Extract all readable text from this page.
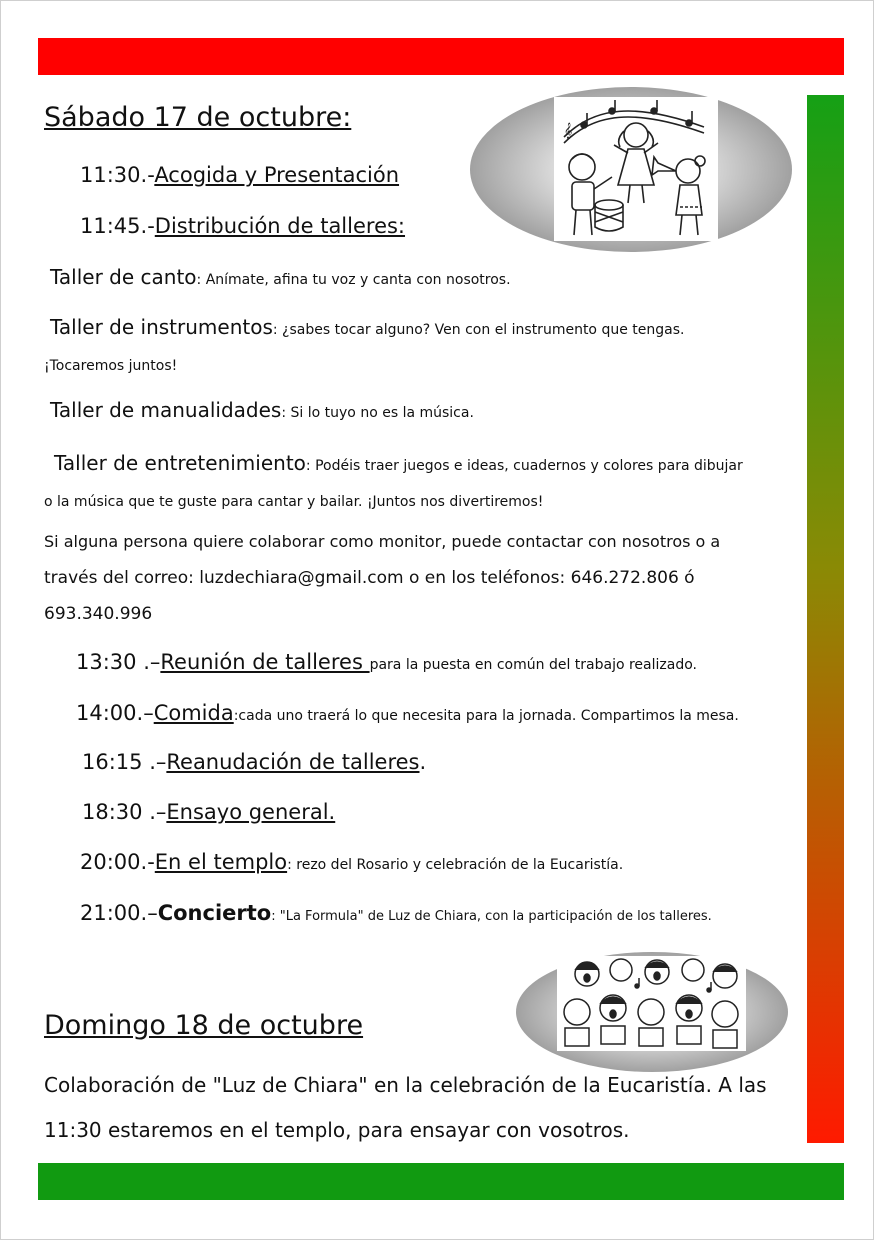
𝄞
Sábado 17 de octubre:
11:30.-Acogida y Presentación
11:45.-Distribución de talleres:
Taller de canto: Anímate, afina tu voz y canta con nosotros.
Taller de instrumentos: ¿sabes tocar alguno? Ven con el instrumento que tengas.
¡Tocaremos juntos!
Taller de manualidades: Si lo tuyo no es la música.
Taller de entretenimiento: Podéis traer juegos e ideas, cuadernos y colores para dibujar
o la música que te guste para cantar y bailar. ¡Juntos nos divertiremos!
Si alguna persona quiere colaborar como monitor, puede contactar con nosotros o a
través del correo: luzdechiara@gmail.com o en los teléfonos: 646.272.806 ó
693.340.996
13:30 .–Reunión de talleres para la puesta en común del trabajo realizado.
14:00.–Comida:cada uno traerá lo que necesita para la jornada. Compartimos la mesa.
16:15 .–Reanudación de talleres.
18:30 .–Ensayo general.
20:00.-En el templo: rezo del Rosario y celebración de la Eucaristía.
21:00.–Concierto: "La Formula" de Luz de Chiara, con la participación de los talleres.
Domingo 18 de octubre
Colaboración de "Luz de Chiara" en la celebración de la Eucaristía. A las
11:30 estaremos en el templo, para ensayar con vosotros.
